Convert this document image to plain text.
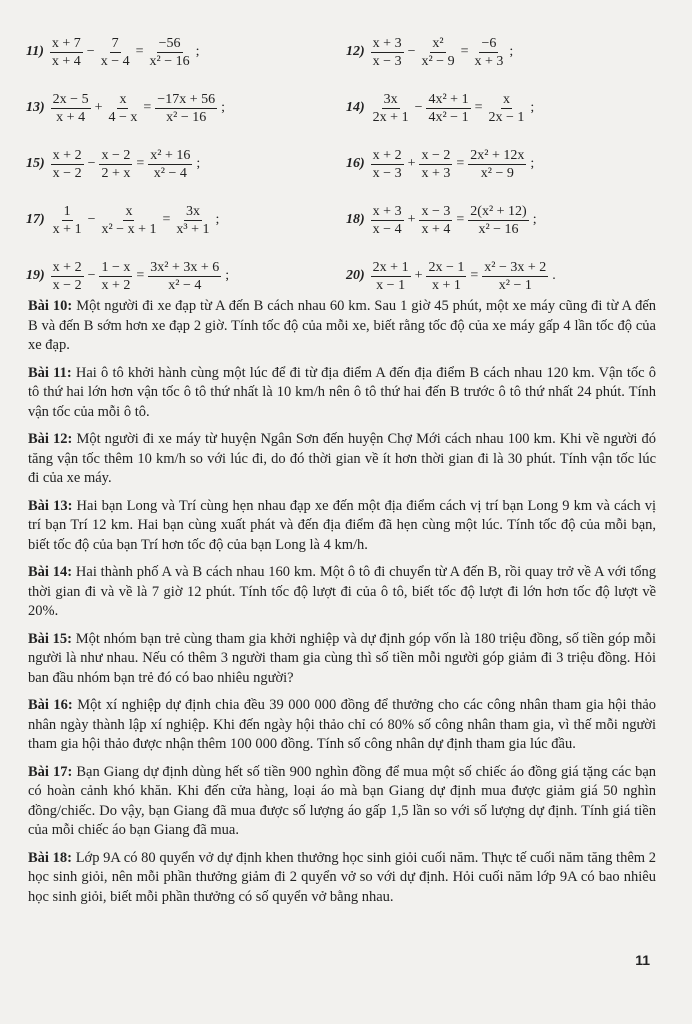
$11) \frac{x + 7}{x + 4} - \frac{7}{x - 4} = \frac{-56}{\text{x² − 16}}$ ;	$12) \frac{x + 3}{x - 3} - \frac{\text{x²}}{\text{x² − 9}} = \frac{-6}{x + 3}$ ;
$13) \frac{2x - 5}{x + 4} + \frac{x}{4 - x} = \frac{-17x + 56}{\text{x² − 16}}$ ;	$14) \frac{3x}{2x + 1} - \frac{\text{4x² + 1}}{\text{4x² − 1}} = \frac{x}{2x - 1}$ ;
$15) \frac{x + 2}{x - 2} - \frac{x - 2}{2 + x} = \frac{\text{x² + 16}}{\text{x² − 4}}$ ;	$16) \frac{x + 2}{x - 3} + \frac{x - 2}{x + 3} = \frac{\text{2x² + 12x}}{\text{x² − 9}}$ ;
$17) \frac{1}{x + 1} - \frac{x}{\text{x² − x + 1}} = \frac{3x}{\text{x³ + 1}}$ ;	$18) \frac{x + 3}{x - 4} + \frac{x - 3}{x + 4} = \frac{\text{2(x² + 12)}}{\text{x² − 16}}$ ;
$19) \frac{x + 2}{x - 2} - \frac{1 - x}{x + 2} = \frac{\text{3x² + 3x + 6}}{\text{x² − 4}}$ ;	$20) \frac{2x + 1}{x - 1} + \frac{2x - 1}{x + 1} = \frac{\text{x² − 3x + 2}}{\text{x² − 1}}$ .
Bài 10: Một người đi xe đạp từ A đến B cách nhau 60 km. Sau 1 giờ 45 phút, một xe máy cũng đi từ A đến B và đến B sớm hơn xe đạp 2 giờ. Tính tốc độ của mỗi xe, biết rằng tốc độ của xe máy gấp 4 lần tốc độ của xe đạp.
Bài 11: Hai ô tô khởi hành cùng một lúc để đi từ địa điểm A đến địa điểm B cách nhau 120 km. Vận tốc ô tô thứ hai lớn hơn vận tốc ô tô thứ nhất là 10 km/h nên ô tô thứ hai đến B trước ô tô thứ nhất 24 phút. Tính vận tốc của mỗi ô tô.
Bài 12: Một người đi xe máy từ huyện Ngân Sơn đến huyện Chợ Mới cách nhau 100 km. Khi về người đó tăng vận tốc thêm 10 km/h so với lúc đi, do đó thời gian về ít hơn thời gian đi là 30 phút. Tính vận tốc lúc đi của xe máy.
Bài 13: Hai bạn Long và Trí cùng hẹn nhau đạp xe đến một địa điểm cách vị trí bạn Long 9 km và cách vị trí bạn Trí 12 km. Hai bạn cùng xuất phát và đến địa điểm đã hẹn cùng một lúc. Tính tốc độ của mỗi bạn, biết tốc độ của bạn Trí hơn tốc độ của bạn Long là 4 km/h.
Bài 14: Hai thành phố A và B cách nhau 160 km. Một ô tô đi chuyển từ A đến B, rồi quay trở về A với tổng thời gian đi và về là 7 giờ 12 phút. Tính tốc độ lượt đi của ô tô, biết tốc độ lượt đi lớn hơn tốc độ lượt về 20%.
Bài 15: Một nhóm bạn trẻ cùng tham gia khởi nghiệp và dự định góp vốn là 180 triệu đồng, số tiền góp mỗi người là như nhau. Nếu có thêm 3 người tham gia cùng thì số tiền mỗi người góp giảm đi 3 triệu đồng. Hỏi ban đầu nhóm bạn trẻ đó có bao nhiêu người?
Bài 16: Một xí nghiệp dự định chia đều 39 000 000 đồng để thưởng cho các công nhân tham gia hội thảo nhân ngày thành lập xí nghiệp. Khi đến ngày hội thảo chỉ có 80% số công nhân tham gia, vì thế mỗi người tham gia hội thảo được nhận thêm 100 000 đồng. Tính số công nhân dự định tham gia lúc đầu.
Bài 17: Bạn Giang dự định dùng hết số tiền 900 nghìn đồng để mua một số chiếc áo đồng giá tặng các bạn có hoàn cảnh khó khăn. Khi đến cửa hàng, loại áo mà bạn Giang dự định mua được giảm giá 50 nghìn đồng/chiếc. Do vậy, bạn Giang đã mua được số lượng áo gấp 1,5 lần so với số lượng dự định. Tính giá tiền của mỗi chiếc áo bạn Giang đã mua.
Bài 18: Lớp 9A có 80 quyển vở dự định khen thưởng học sinh giỏi cuối năm. Thực tế cuối năm tăng thêm 2 học sinh giỏi, nên mỗi phần thưởng giảm đi 2 quyển vở so với dự định. Hỏi cuối năm lớp 9A có bao nhiêu học sinh giỏi, biết mỗi phần thưởng có số quyển vở bằng nhau.
11
